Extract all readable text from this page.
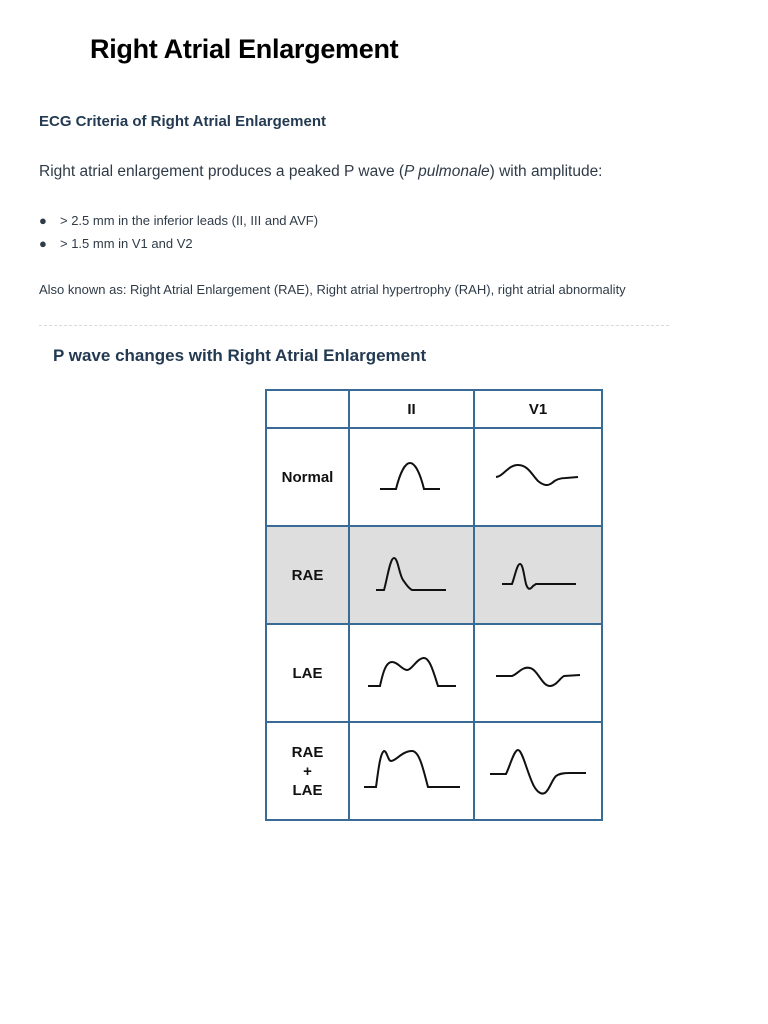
Right Atrial Enlargement
ECG Criteria of Right Atrial Enlargement

Right atrial enlargement produces a peaked P wave (P pulmonale) with amplitude:

● > 2.5 mm in the inferior leads (II, III and AVF)
● > 1.5 mm in V1 and V2

Also known as: Right Atrial Enlargement (RAE), Right atrial hypertrophy (RAH), right atrial abnormality

P wave changes with Right Atrial Enlargement
	II	V1

Normal

RAE

LAE

RAE
+
LAE
